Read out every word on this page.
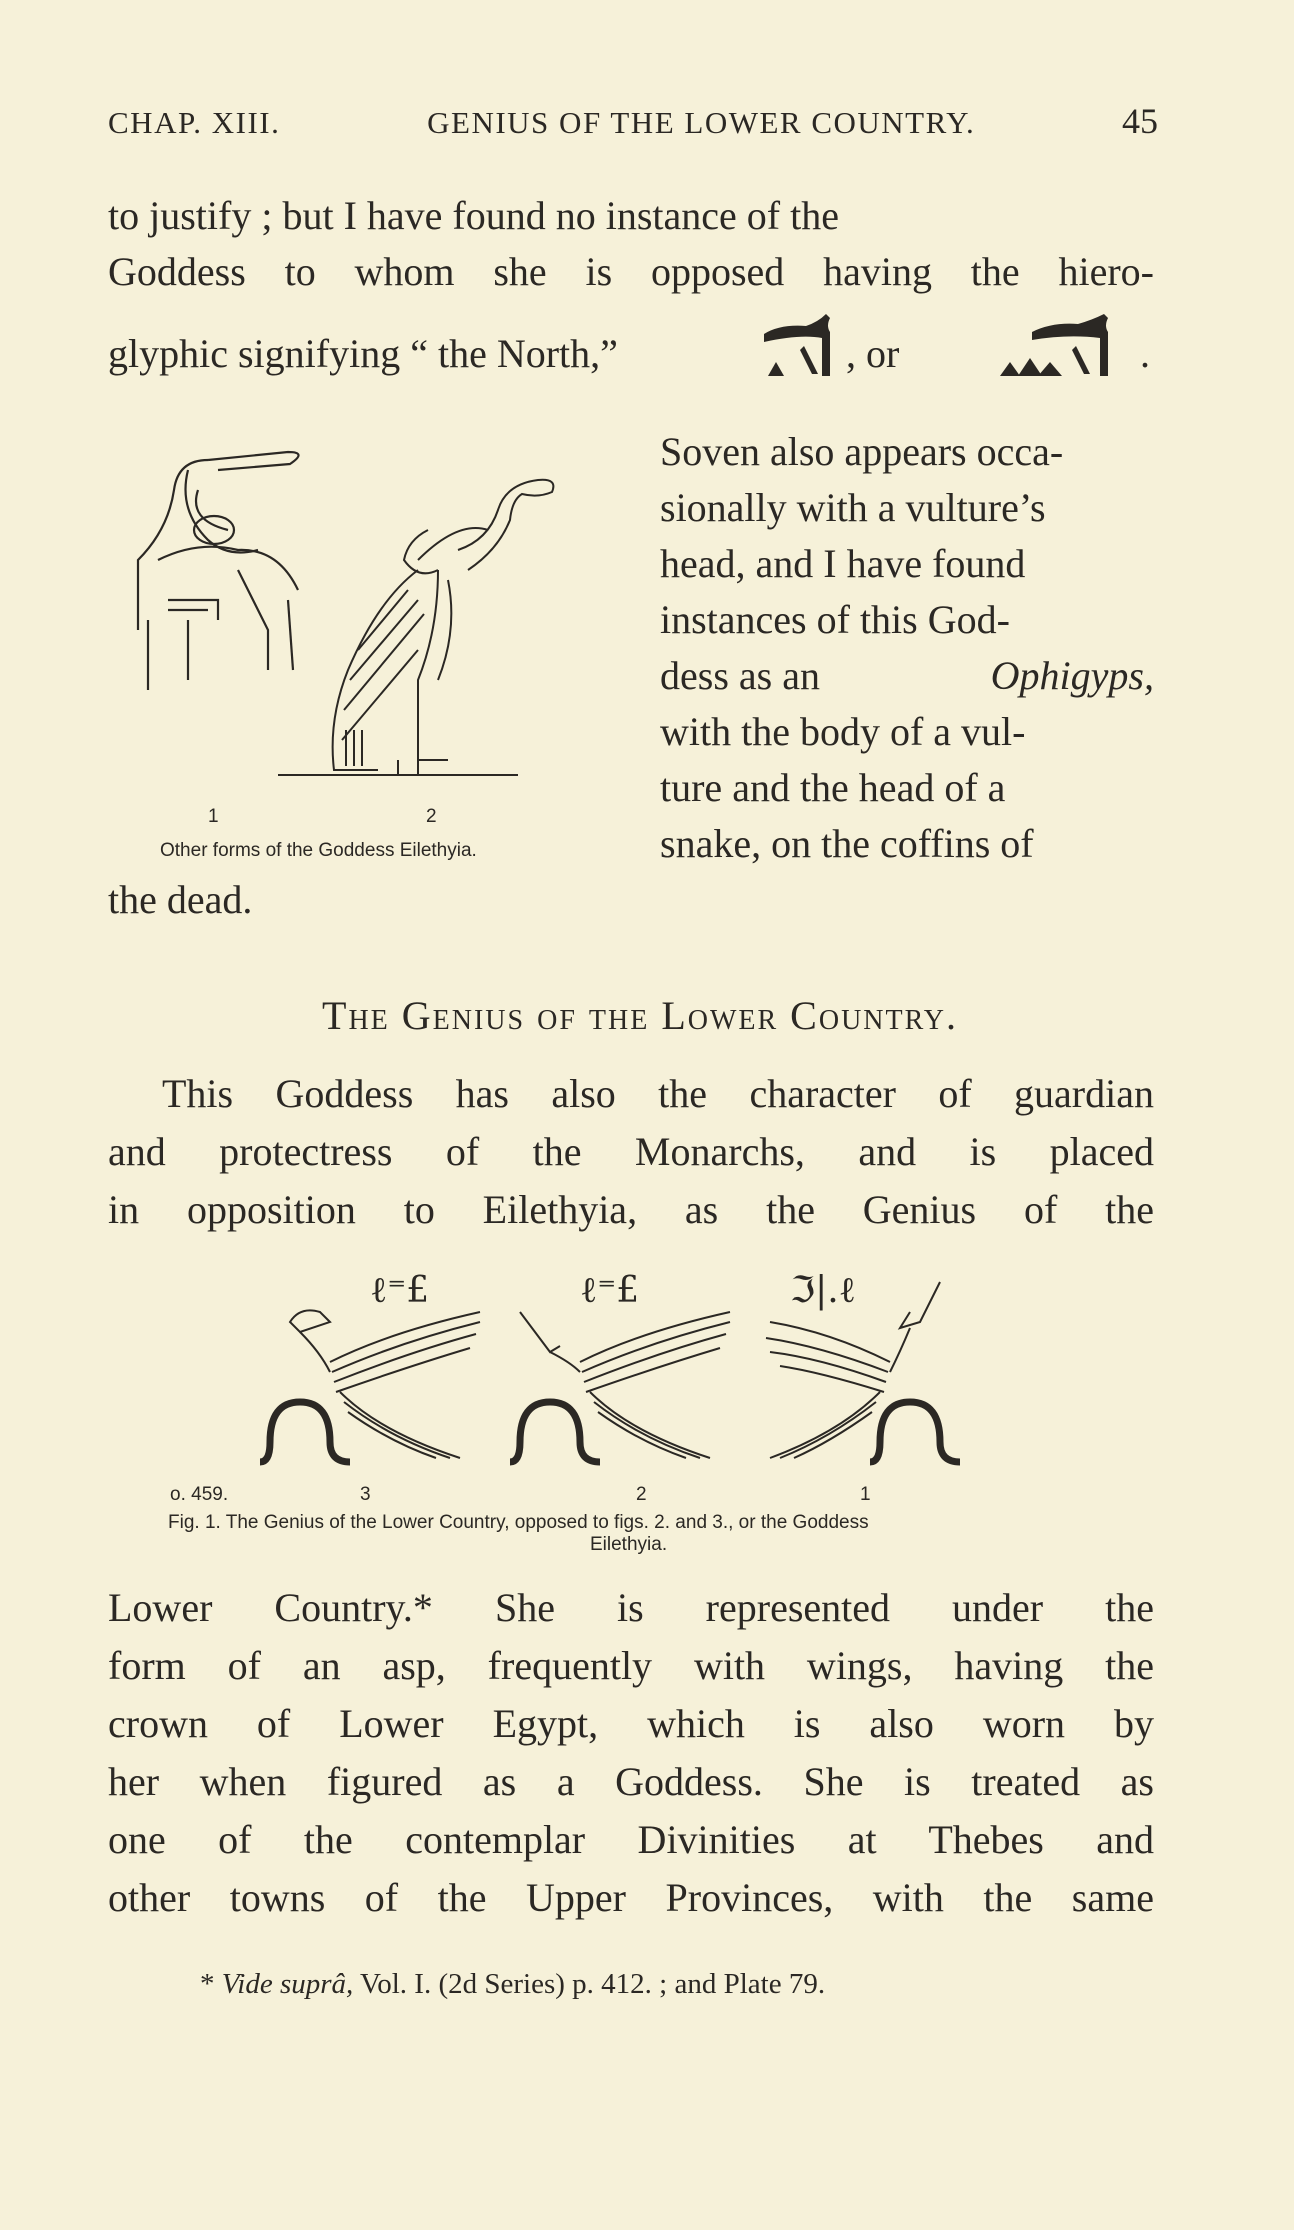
CHAP. XIII.	GENIUS OF THE LOWER COUNTRY.	45
to justify ; but I have found no instance of the
Goddess to whom she is opposed having the hiero-
glyphic signifying “ the North,”	, or	.
1	2
Other forms of the Goddess Eilethyia.
Soven also appears occa-
sionally with a vulture’s
head, and I have found
instances of this God-
dess as an	Ophigyps,
with the body of a vul-
ture and the head of a
snake, on the coffins of
the dead.
The Genius of the Lower Country.
This Goddess has also the character of guardian
and protectress of the Monarchs, and is placed
in opposition to Eilethyia, as the Genius of the
ℓ⁼£	ℓ⁼£	ℑ|.ℓ
o. 459.	3	2	1
Fig. 1. The Genius of the Lower Country, opposed to figs. 2. and 3., or the Goddess
Eilethyia.
Lower Country.* She is represented under the
form of an asp, frequently with wings, having the
crown of Lower Egypt, which is also worn by
her when figured as a Goddess. She is treated as
one of the contemplar Divinities at Thebes and
other towns of the Upper Provinces, with the same
* Vide suprâ, Vol. I. (2d Series) p. 412. ; and Plate 79.
